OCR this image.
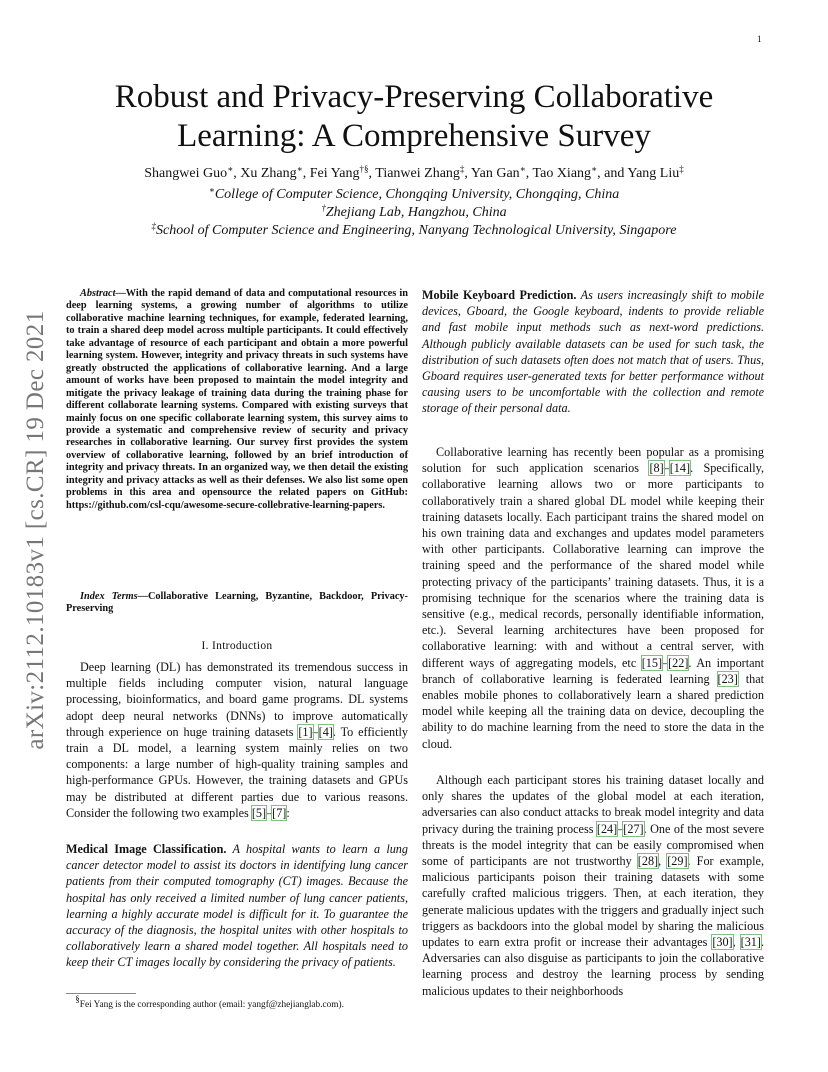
1
arXiv:2112.10183v1 [cs.CR] 19 Dec 2021
Robust and Privacy-Preserving Collaborative
Learning: A Comprehensive Survey
Shangwei Guo∗, Xu Zhang∗, Fei Yang†§, Tianwei Zhang‡, Yan Gan∗, Tao Xiang∗, and Yang Liu‡
∗College of Computer Science, Chongqing University, Chongqing, China
†Zhejiang Lab, Hangzhou, China
‡School of Computer Science and Engineering, Nanyang Technological University, Singapore
Abstract—With the rapid demand of data and computational resources in deep learning systems, a growing number of algorithms to utilize collaborative machine learning techniques, for example, federated learning, to train a shared deep model across multiple participants. It could effectively take advantage of resource of each participant and obtain a more powerful learning system. However, integrity and privacy threats in such systems have greatly obstructed the applications of collaborative learning. And a large amount of works have been proposed to maintain the model integrity and mitigate the privacy leakage of training data during the training phase for different collaborate learning systems. Compared with existing surveys that mainly focus on one specific collaborate learning system, this survey aims to provide a systematic and comprehensive review of security and privacy researches in collaborative learning. Our survey first provides the system overview of collaborative learning, followed by an brief introduction of integrity and privacy threats. In an organized way, we then detail the existing integrity and privacy attacks as well as their defenses. We also list some open problems in this area and opensource the related papers on GitHub: https://github.com/csl-cqu/awesome-secure-collebrative-learning-papers.
Index Terms—Collaborative Learning, Byzantine, Backdoor, Privacy-Preserving
I. Introduction
Deep learning (DL) has demonstrated its tremendous success in multiple fields including computer vision, natural language processing, bioinformatics, and board game programs. DL systems adopt deep neural networks (DNNs) to improve automatically through experience on huge training datasets [1]–[4]. To efficiently train a DL model, a learning system mainly relies on two components: a large number of high-quality training samples and high-performance GPUs. However, the training datasets and GPUs may be distributed at different parties due to various reasons. Consider the following two examples [5]–[7]:
Medical Image Classification. A hospital wants to learn a lung cancer detector model to assist its doctors in identifying lung cancer patients from their computed tomography (CT) images. Because the hospital has only received a limited number of lung cancer patients, learning a highly accurate model is difficult for it. To guarantee the accuracy of the diagnosis, the hospital unites with other hospitals to collaboratively learn a shared model together. All hospitals need to keep their CT images locally by considering the privacy of patients.
§Fei Yang is the corresponding author (email: yangf@zhejianglab.com).
Mobile Keyboard Prediction. As users increasingly shift to mobile devices, Gboard, the Google keyboard, indents to provide reliable and fast mobile input methods such as next-word predictions. Although publicly available datasets can be used for such task, the distribution of such datasets often does not match that of users. Thus, Gboard requires user-generated texts for better performance without causing users to be uncomfortable with the collection and remote storage of their personal data.
Collaborative learning has recently been popular as a promising solution for such application scenarios [8]–[14]. Specifically, collaborative learning allows two or more participants to collaboratively train a shared global DL model while keeping their training datasets locally. Each participant trains the shared model on his own training data and exchanges and updates model parameters with other participants. Collaborative learning can improve the training speed and the performance of the shared model while protecting privacy of the participants’ training datasets. Thus, it is a promising technique for the scenarios where the training data is sensitive (e.g., medical records, personally identifiable information, etc.). Several learning architectures have been proposed for collaborative learning: with and without a central server, with different ways of aggregating models, etc [15]–[22]. An important branch of collaborative learning is federated learning [23] that enables mobile phones to collaboratively learn a shared prediction model while keeping all the training data on device, decoupling the ability to do machine learning from the need to store the data in the cloud.
Although each participant stores his training dataset locally and only shares the updates of the global model at each iteration, adversaries can also conduct attacks to break model integrity and data privacy during the training process [24]–[27]. One of the most severe threats is the model integrity that can be easily compromised when some of participants are not trustworthy [28], [29]. For example, malicious participants poison their training datasets with some carefully crafted malicious triggers. Then, at each iteration, they generate malicious updates with the triggers and gradually inject such triggers as backdoors into the global model by sharing the malicious updates to earn extra profit or increase their advantages [30], [31]. Adversaries can also disguise as participants to join the collaborative learning process and destroy the learning process by sending malicious updates to their neighborhoods
